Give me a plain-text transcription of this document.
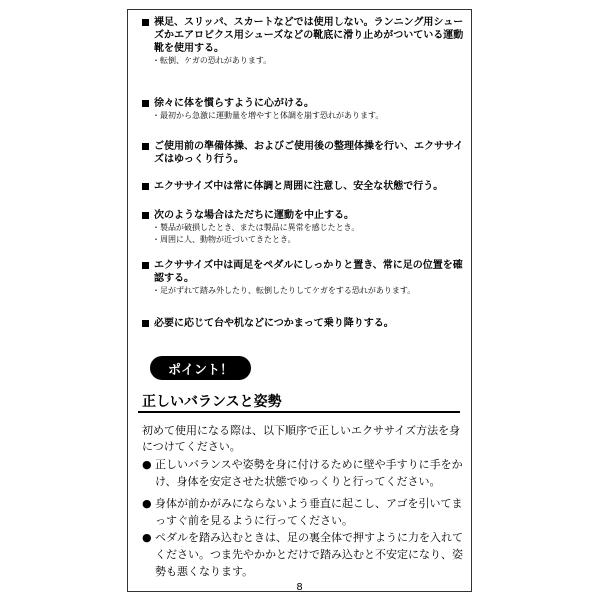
裸足、スリッパ、スカートなどでは使用しない。ランニング用シューズかエアロビクス用シューズなどの靴底に滑り止めがついている運動靴を使用する。
・転倒、ケガの恐れがあります。
徐々に体を慣らすように心がける。
・最初から急激に運動量を増やすと体調を崩す恐れがあります。
ご使用前の準備体操、およびご使用後の整理体操を行い、エクササイズはゆっくり行う。
エクササイズ中は常に体調と周囲に注意し、安全な状態で行う。
次のような場合はただちに運動を中止する。
・製品が破損したとき、または製品に異常を感じたとき。
・周囲に人、動物が近づいてきたとき。
エクササイズ中は両足をペダルにしっかりと置き、常に足の位置を確認する。
・足がずれて踏み外したり、転倒したりしてケガをする恐れがあります。
必要に応じて台や机などにつかまって乗り降りする。
ポイント！
正しいバランスと姿勢
初めて使用になる際は、以下順序で正しいエクササイズ方法を身につけてください。
● 正しいバランスや姿勢を身に付けるために壁や手すりに手をかけ、身体を安定させた状態でゆっくりと行ってください。
● 身体が前かがみにならないよう垂直に起こし、アゴを引いてまっすぐ前を見るように行ってください。
● ペダルを踏み込むときは、足の裏全体で押すように力を入れてください。つま先やかかとだけで踏み込むと不安定になり、姿勢も悪くなります。
8
